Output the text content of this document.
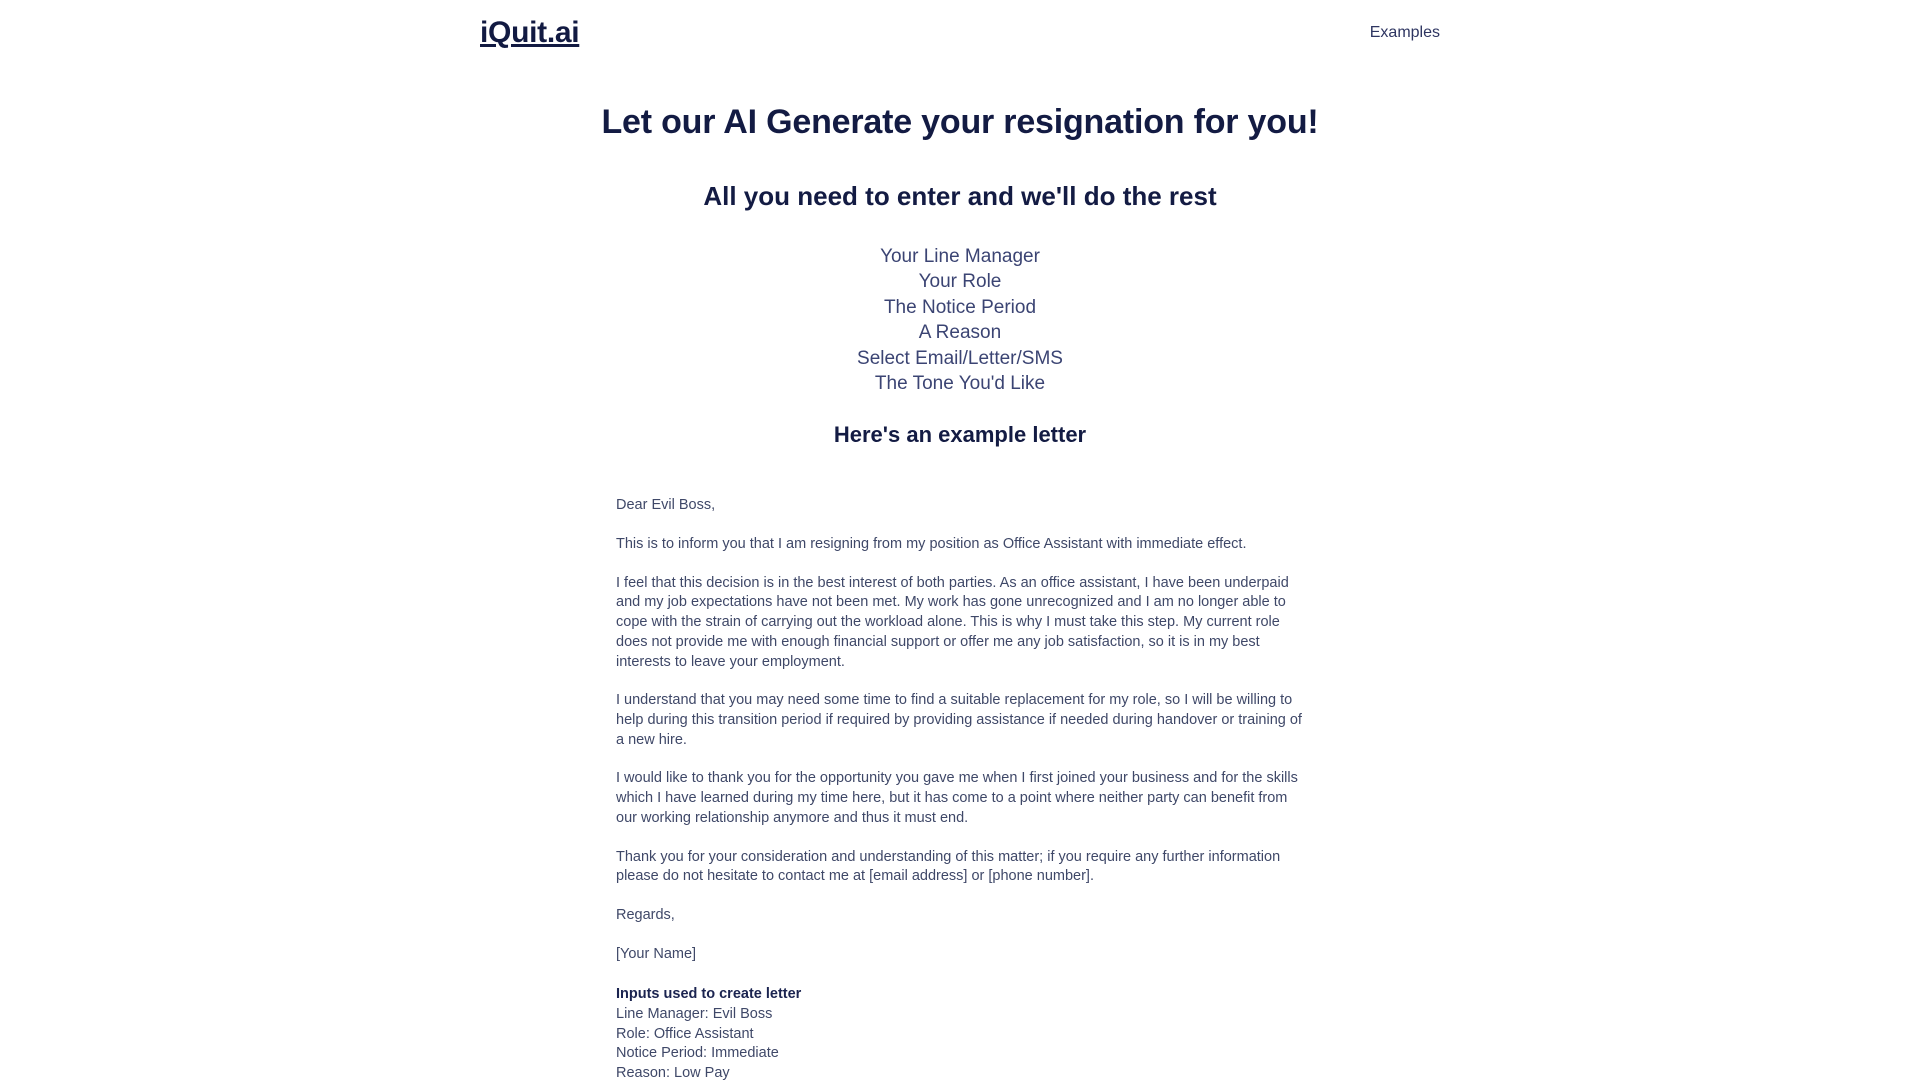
iQuit.ai	Examples
Let our AI Generate your resignation for you!
All you need to enter and we'll do the rest
Your Line Manager
Your Role
The Notice Period
A Reason
Select Email/Letter/SMS
The Tone You'd Like
Here's an example letter

Dear Evil Boss,

This is to inform you that I am resigning from my position as Office Assistant with immediate effect.

I feel that this decision is in the best interest of both parties. As an office assistant, I have been underpaid and my job expectations have not been met. My work has gone unrecognized and I am no longer able to cope with the strain of carrying out the workload alone. This is why I must take this step. My current role does not provide me with enough financial support or offer me any job satisfaction, so it is in my best interests to leave your employment.

I understand that you may need some time to find a suitable replacement for my role, so I will be willing to help during this transition period if required by providing assistance if needed during handover or training of a new hire.

I would like to thank you for the opportunity you gave me when I first joined your business and for the skills which I have learned during my time here, but it has come to a point where neither party can benefit from our working relationship anymore and thus it must end.

Thank you for your consideration and understanding of this matter; if you require any further information please do not hesitate to contact me at [email address] or [phone number].

Regards,

[Your Name]

Inputs used to create letter
Line Manager: Evil Boss
Role: Office Assistant
Notice Period: Immediate
Reason: Low Pay
